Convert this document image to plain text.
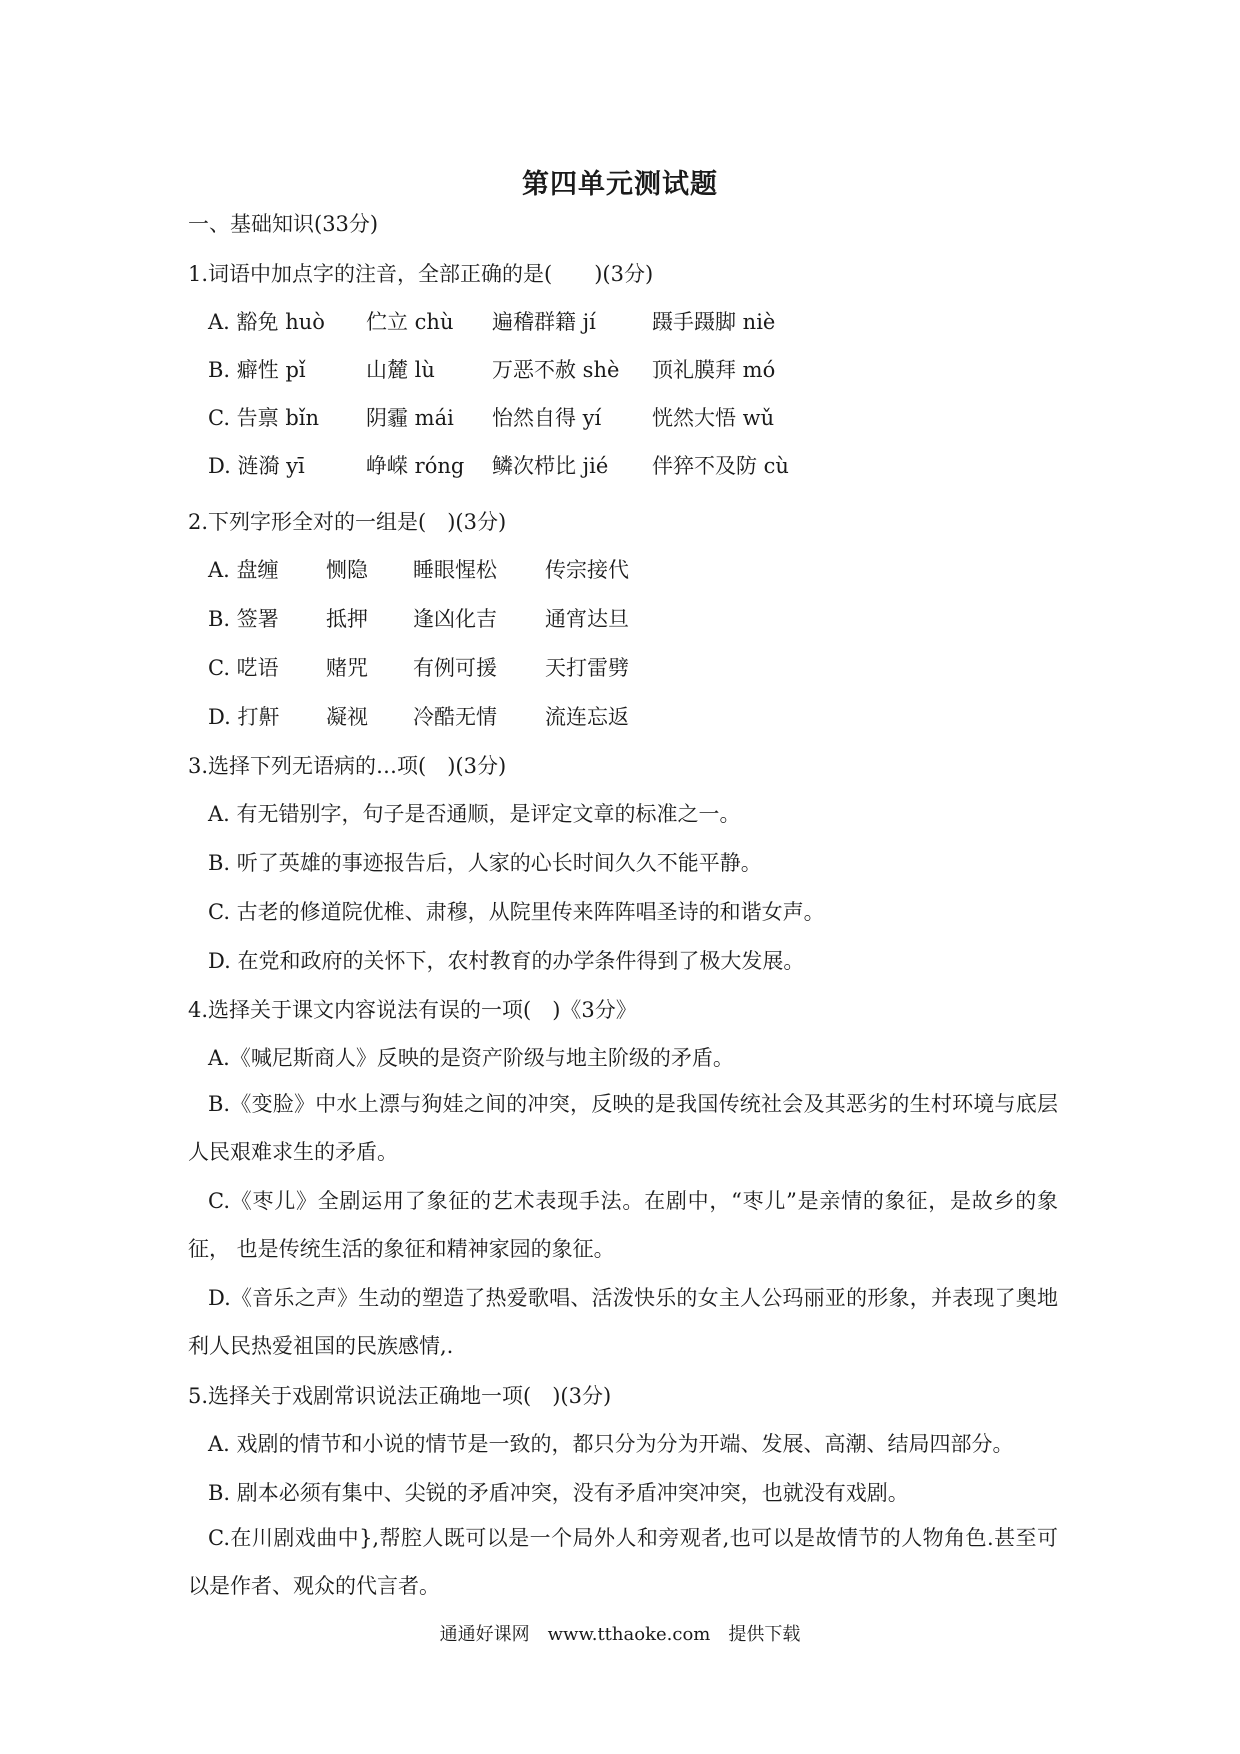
第四单元测试题
一、基础知识(33分)
1.词语中加点字的注音，全部正确的是(　　)(3分)
A. 豁免 huò 伫立 chù 遍稽群籍 jí	蹑手蹑脚 niè
B. 癖性 pǐ	山麓 lù	万恶不赦 shè 顶礼膜拜 mó
C. 告禀 bǐn 阴霾 mái 怡然自得 yí 恍然大悟 wǔ
D. 涟漪 yī	峥嵘 róng 鳞次栉比 jié 伴猝不及防 cù
2.下列字形全对的一组是(　)(3分)
A. 盘缠 恻隐 睡眼惺松 传宗接代
B. 签署 抵押 逢凶化吉 通宵达旦
C. 呓语 赌咒 有例可援 天打雷劈
D. 打鼾 凝视 冷酷无情 流连忘返
3.选择下列无语病的…项(　)(3分)
A. 有无错别字，句子是否通顺，是评定文章的标准之一。
B. 听了英雄的事迹报告后，人家的心长时间久久不能平静。
C. 古老的修道院优椎、肃穆，从院里传来阵阵唱圣诗的和谐女声。
D. 在党和政府的关怀下，农村教育的办学条件得到了极大发展。
4.选择关于课文内容说法有误的一项(　)《3分》
A.《喊尼斯商人》反映的是资产阶级与地主阶级的矛盾。
B.《变脸》中水上漂与狗娃之间的冲突，反映的是我国传统社会及其恶劣的生村环境与底层人民艰难求生的矛盾。
C.《枣儿》全剧运用了象征的艺术表现手法。在剧中，“枣儿”是亲情的象征，是故乡的象征， 也是传统生活的象征和精神家园的象征。
D.《音乐之声》生动的塑造了热爱歌唱、活泼快乐的女主人公玛丽亚的形象，并表现了奥地利人民热爱祖国的民族感情,.
5.选择关于戏剧常识说法正确地一项(　)(3分)
A. 戏剧的情节和小说的情节是一致的，都只分为分为开端、发展、高潮、结局四部分。
B. 剧本必须有集中、尖锐的矛盾冲突，没有矛盾冲突冲突，也就没有戏剧。
C.在川剧戏曲中},帮腔人既可以是一个局外人和旁观者,也可以是故情节的人物角色.甚至可以是作者、观众的代言者。
通通好课网　www.tthaoke.com　提供下载
